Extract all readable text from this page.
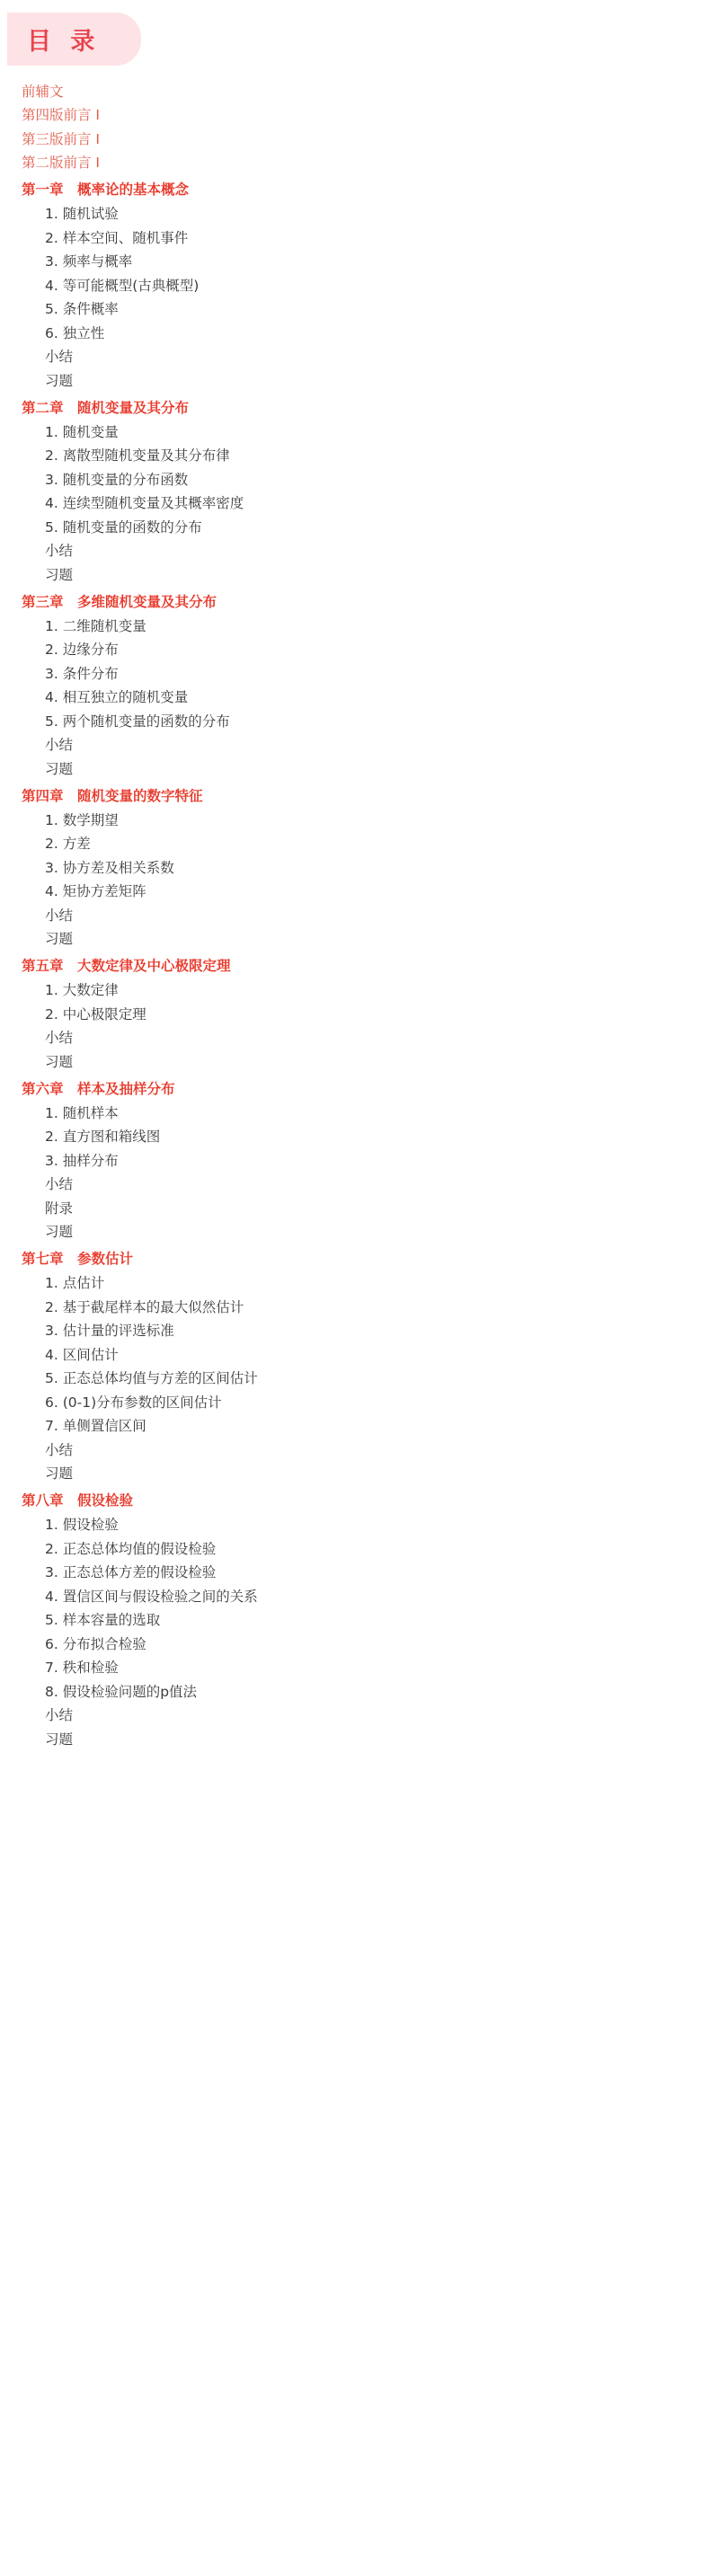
目 录
前辅文
第四版前言 I
第三版前言 I
第二版前言 I
第一章　概率论的基本概念
1. 随机试验
2. 样本空间、随机事件
3. 频率与概率
4. 等可能概型(古典概型)
5. 条件概率
6. 独立性
小结
习题
第二章　随机变量及其分布
1. 随机变量
2. 离散型随机变量及其分布律
3. 随机变量的分布函数
4. 连续型随机变量及其概率密度
5. 随机变量的函数的分布
小结
习题
第三章　多维随机变量及其分布
1. 二维随机变量
2. 边缘分布
3. 条件分布
4. 相互独立的随机变量
5. 两个随机变量的函数的分布
小结
习题
第四章　随机变量的数字特征
1. 数学期望
2. 方差
3. 协方差及相关系数
4. 矩协方差矩阵
小结
习题
第五章　大数定律及中心极限定理
1. 大数定律
2. 中心极限定理
小结
习题
第六章　样本及抽样分布
1. 随机样本
2. 直方图和箱线图
3. 抽样分布
小结
附录
习题
第七章　参数估计
1. 点估计
2. 基于截尾样本的最大似然估计
3. 估计量的评选标准
4. 区间估计
5. 正态总体均值与方差的区间估计
6. (0-1)分布参数的区间估计
7. 单侧置信区间
小结
习题
第八章　假设检验
1. 假设检验
2. 正态总体均值的假设检验
3. 正态总体方差的假设检验
4. 置信区间与假设检验之间的关系
5. 样本容量的选取
6. 分布拟合检验
7. 秩和检验
8. 假设检验问题的p值法
小结
习题
